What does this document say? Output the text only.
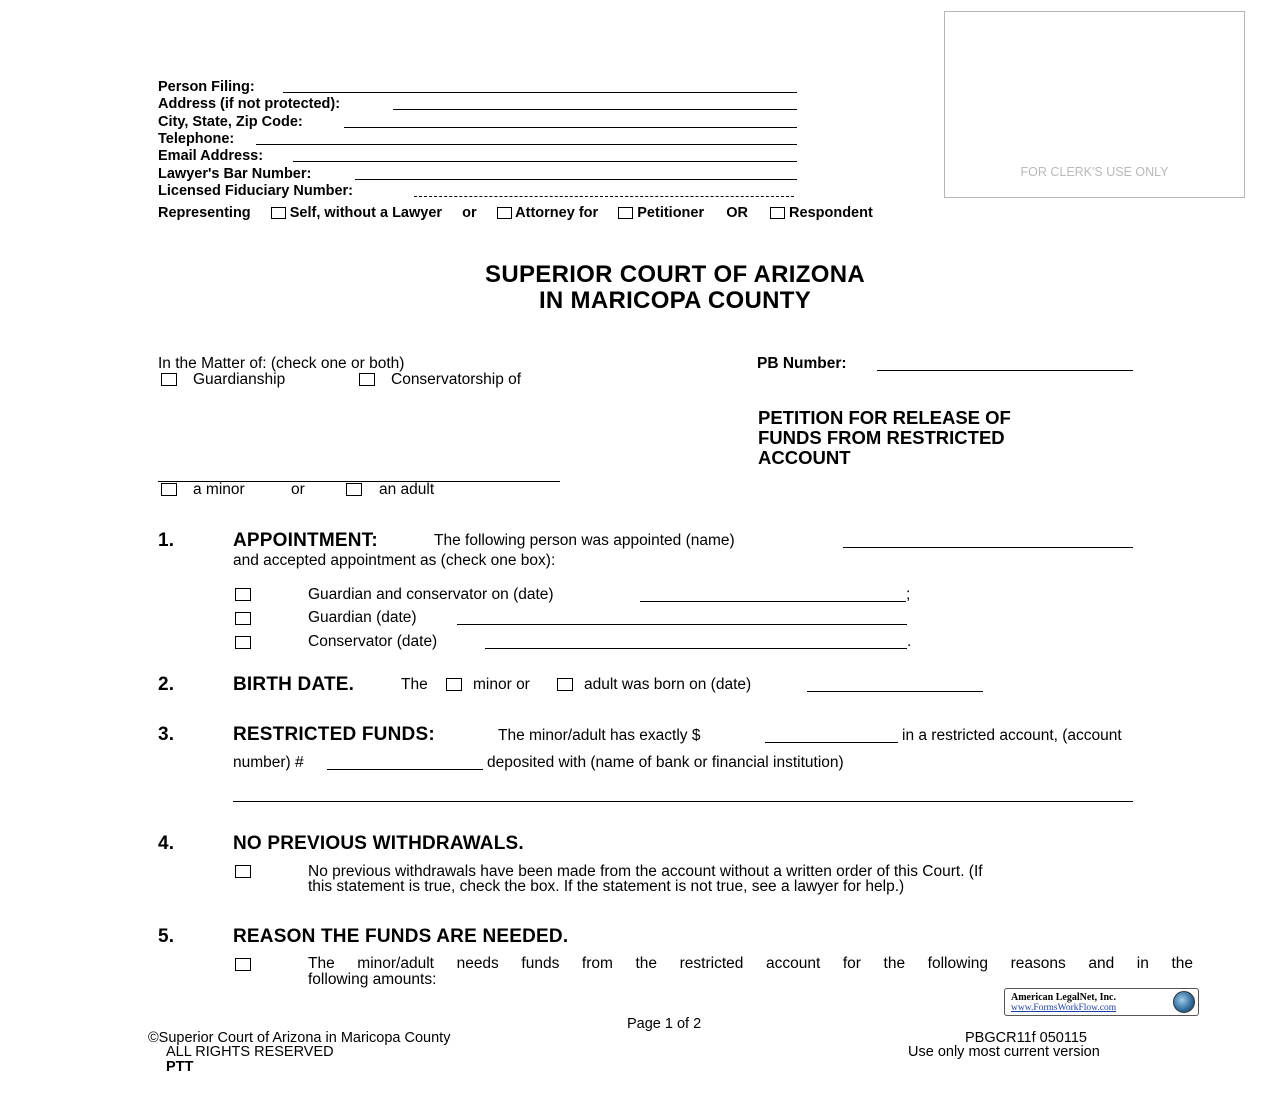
FOR CLERK'S USE ONLY
Person Filing:
Address (if not protected):
City, State, Zip Code:
Telephone:
Email Address:
Lawyer's Bar Number:
Licensed Fiduciary Number:
Representing	Self, without a Lawyer or	Attorney for	Petitioner OR	Respondent
SUPERIOR COURT OF ARIZONA
IN MARICOPA COUNTY
In the Matter of: (check one or both)
Guardianship	Conservatorship of
a minor	or	an adult
PB Number:
PETITION FOR RELEASE OF
FUNDS FROM RESTRICTED
ACCOUNT
1.	APPOINTMENT:	The following person was appointed (name)
and accepted appointment as (check one box):
Guardian and conservator on (date)	;
Guardian (date)
Conservator (date)	.
2.	BIRTH DATE.	The	minor or	adult was born on (date)
3.	RESTRICTED FUNDS:	The minor/adult has exactly $	in a restricted account, (account
number) #	deposited with (name of bank or financial institution)
4.	NO PREVIOUS WITHDRAWALS.
No previous withdrawals have been made from the account without a written order of this Court. (If
this statement is true, check the box. If the statement is not true, see a lawyer for help.)
5.	REASON THE FUNDS ARE NEEDED.
The minor/adult needs funds from the restricted account for the following reasons and in the
following amounts:
American LegalNet, Inc.
www.FormsWorkFlow.com
Page 1 of 2
©Superior Court of Arizona in Maricopa County
ALL RIGHTS RESERVED
PTT
PBGCR11f 050115
Use only most current version
